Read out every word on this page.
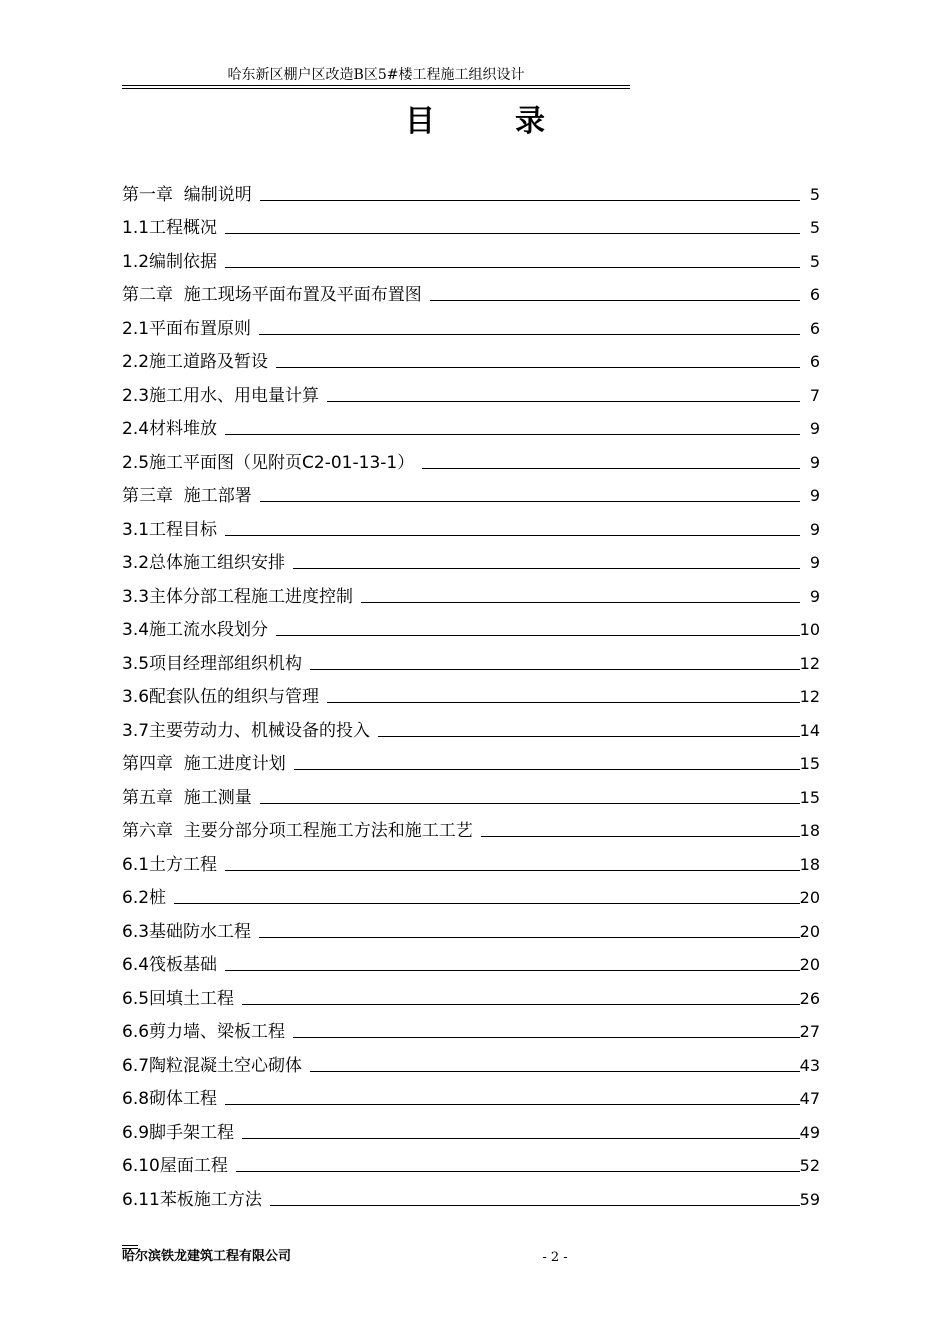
哈东新区棚户区改造B区5#楼工程施工组织设计
目录
第一章  编制说明	5
1.1工程概况	5
1.2编制依据	5
第二章  施工现场平面布置及平面布置图	6
2.1平面布置原则	6
2.2施工道路及暂设	6
2.3施工用水、用电量计算	7
2.4材料堆放	9
2.5施工平面图（见附页C2-01-13-1）	9
第三章  施工部署	9
3.1工程目标	9
3.2总体施工组织安排	9
3.3主体分部工程施工进度控制	9
3.4施工流水段划分	10
3.5项目经理部组织机构	12
3.6配套队伍的组织与管理	12
3.7主要劳动力、机械设备的投入	14
第四章  施工进度计划	15
第五章  施工测量	15
第六章  主要分部分项工程施工方法和施工工艺	18
6.1土方工程	18
6.2桩	20
6.3基础防水工程	20
6.4筏板基础	20
6.5回填土工程	26
6.6剪力墙、梁板工程	27
6.7陶粒混凝土空心砌体	43
6.8砌体工程	47
6.9脚手架工程	49
6.10屋面工程	52
6.11苯板施工方法	59
哈尔滨铁龙建筑工程有限公司	- 2 -
